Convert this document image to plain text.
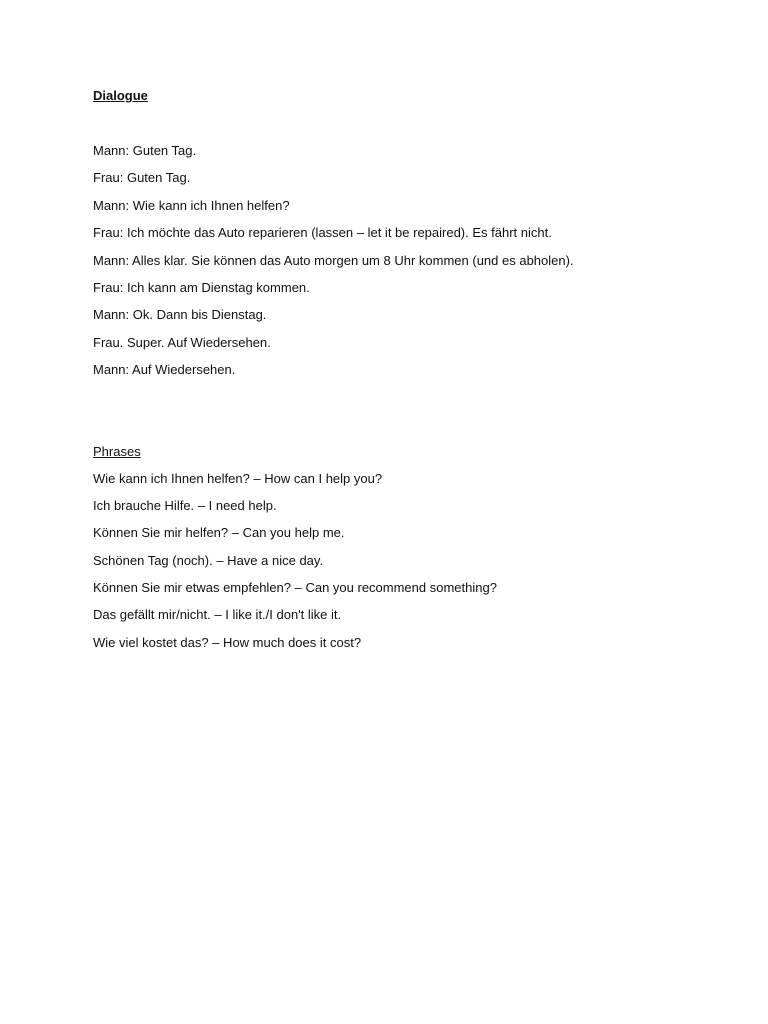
Dialogue
Mann: Guten Tag.
Frau: Guten Tag.
Mann: Wie kann ich Ihnen helfen?
Frau: Ich möchte das Auto reparieren (lassen – let it be repaired). Es fährt nicht.
Mann: Alles klar. Sie können das Auto morgen um 8 Uhr kommen (und es abholen).
Frau: Ich kann am Dienstag kommen.
Mann: Ok. Dann bis Dienstag.
Frau. Super. Auf Wiedersehen.
Mann: Auf Wiedersehen.
Phrases
Wie kann ich Ihnen helfen? – How can I help you?
Ich brauche Hilfe. – I need help.
Können Sie mir helfen? – Can you help me.
Schönen Tag (noch). – Have a nice day.
Können Sie mir etwas empfehlen? – Can you recommend something?
Das gefällt mir/nicht. – I like it./I don't like it.
Wie viel kostet das? – How much does it cost?
